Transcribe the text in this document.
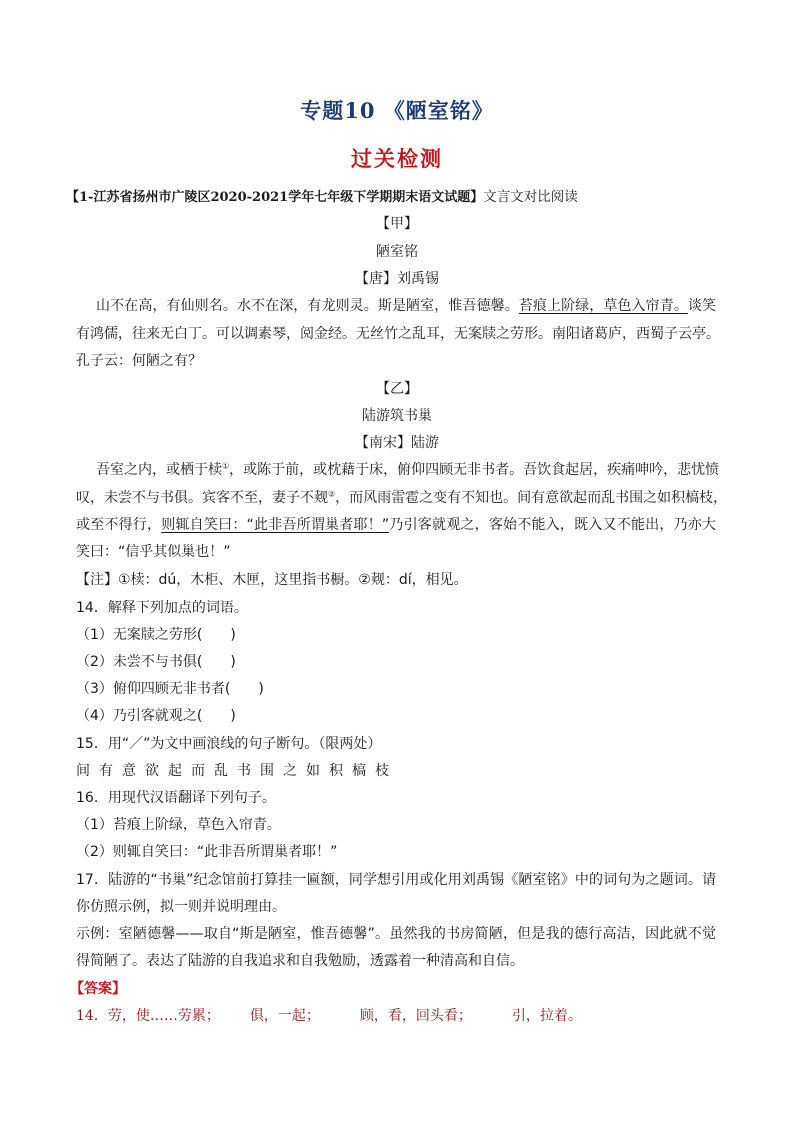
专题10 《陋室铭》
过关检测
【1-江苏省扬州市广陵区2020-2021学年七年级下学期期末语文试题】文言文对比阅读
【甲】
陋室铭
【唐】刘禹锡
山不在高，有仙则名。水不在深，有龙则灵。斯是陋室，惟吾德馨。苔痕上阶绿，草色入帘青。谈笑
有鸿儒，往来无白丁。可以调素琴，阅金经。无丝竹之乱耳，无案牍之劳形。南阳诸葛庐，西蜀子云亭。
孔子云：何陋之有？
【乙】
陆游筑书巢
【南宋】陆游
吾室之内，或栖于椟①，或陈于前，或枕藉于床，俯仰四顾无非书者。吾饮食起居，疾痛呻吟，悲忧愤
叹，未尝不与书俱。宾客不至，妻子不觌②，而风雨雷雹之变有不知也。间有意欲起而乱书围之如积槁枝，
或至不得行，则辄自笑曰：“此非吾所谓巢者耶！”乃引客就观之，客始不能入，既入又不能出，乃亦大
笑曰：“信乎其似巢也！”
【注】①椟：dú，木柜、木匣，这里指书橱。②觌：dí，相见。
14．解释下列加点的词语。
（1）无案牍之劳形(　　)
（2）未尝不与书俱(　　)
（3）俯仰四顾无非书者(　　)
（4）乃引客就观之(　　)
15．用“／”为文中画浪线的句子断句。（限两处）
间有意欲起而乱书围之如积槁枝
16．用现代汉语翻译下列句子。
（1）苔痕上阶绿，草色入帘青。
（2）则辄自笑曰：“此非吾所谓巢者耶！”
17．陆游的“书巢”纪念馆前打算挂一匾额，同学想引用或化用刘禹锡《陋室铭》中的词句为之题词。请
你仿照示例，拟一则并说明理由。
示例：室陋德馨——取自“斯是陋室，惟吾德馨”。虽然我的书房简陋，但是我的德行高洁，因此就不觉
得简陋了。表达了陆游的自我追求和自我勉励，透露着一种清高和自信。
【答案】
14．劳，使……劳累； 俱，一起；	顾，看，回头看；	引，拉着。
